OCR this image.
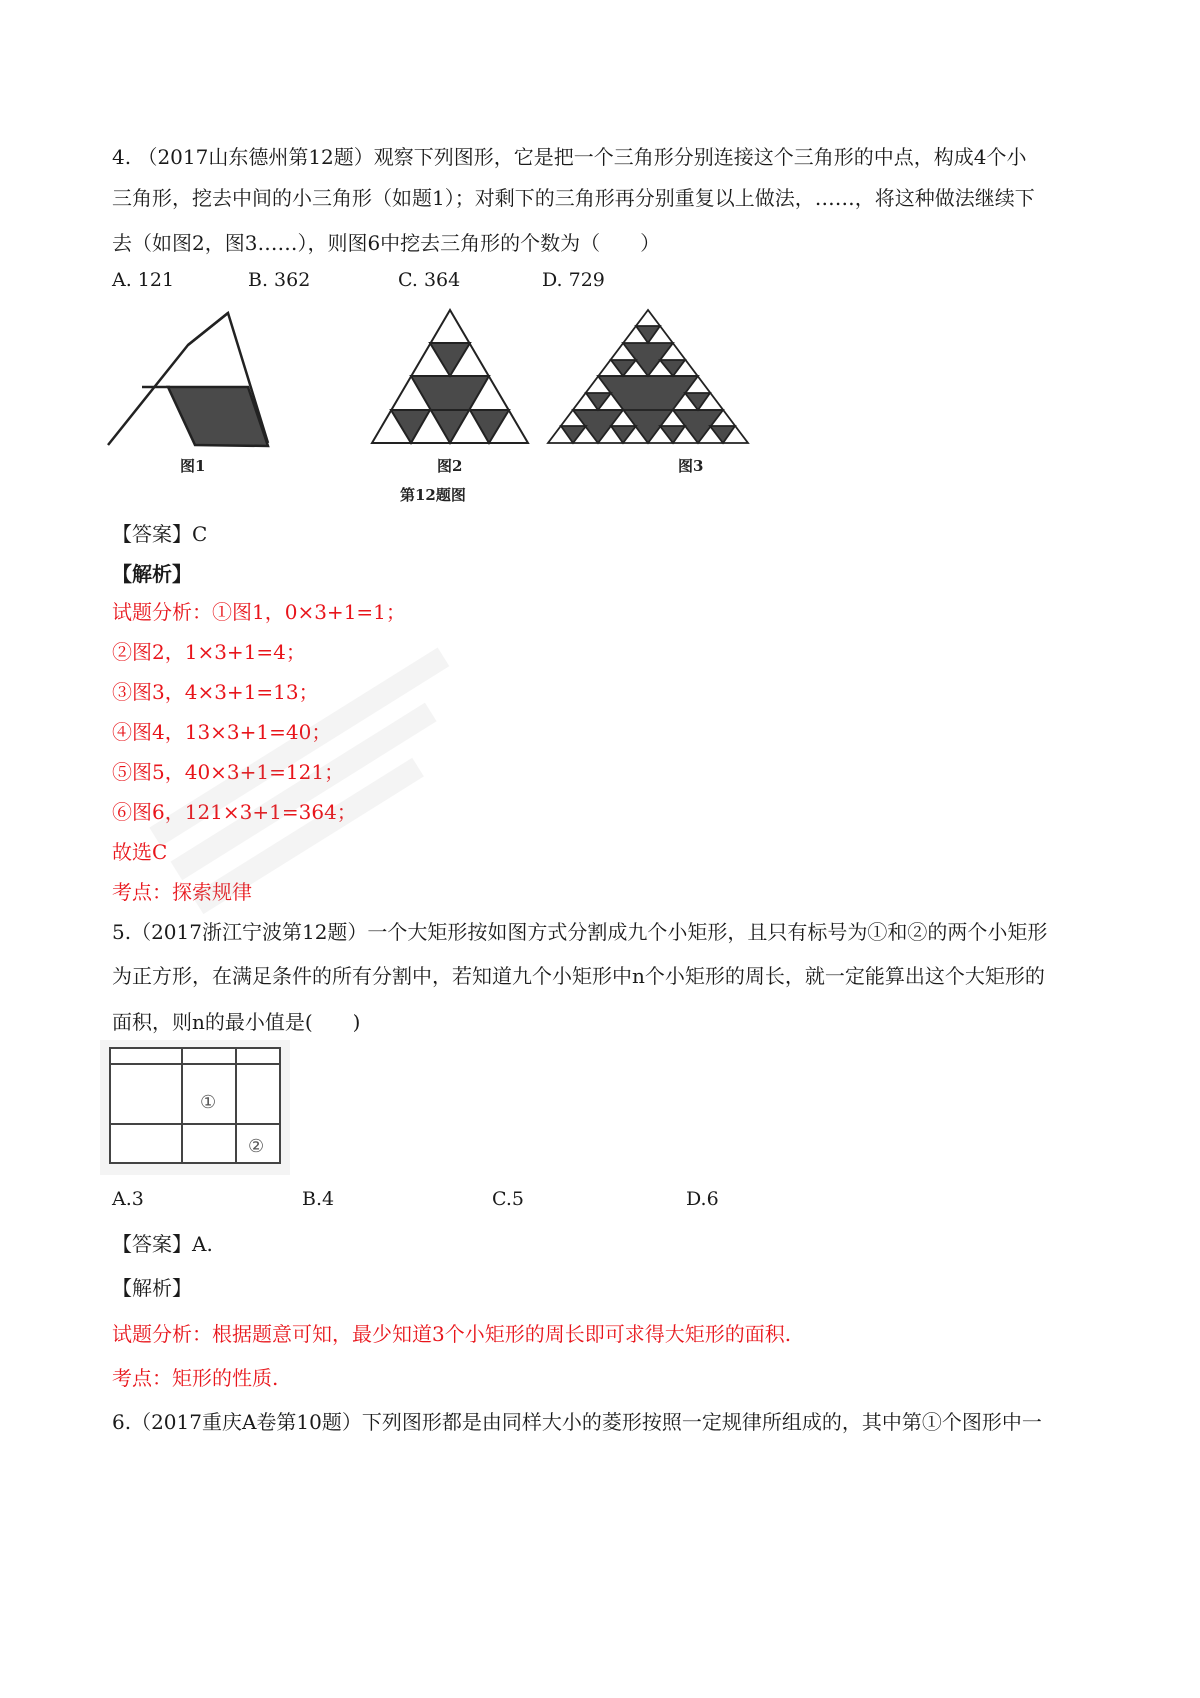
4. （2017山东德州第12题）观察下列图形，它是把一个三角形分别连接这个三角形的中点，构成4个小
三角形，挖去中间的小三角形（如题1）；对剩下的三角形再分别重复以上做法，……，将这种做法继续下
去（如图2，图3……），则图6中挖去三角形的个数为（　　）
A. 121	B. 362	C. 364	D. 729
图1	图2	图3
第12题图
【答案】C
【解析】
试题分析：①图1，0×3+1=1；
②图2，1×3+1=4；
③图3，4×3+1=13；
④图4，13×3+1=40；
⑤图5，40×3+1=121；
⑥图6，121×3+1=364；
故选C
考点：探索规律
5.（2017浙江宁波第12题）一个大矩形按如图方式分割成九个小矩形，且只有标号为①和②的两个小矩形
为正方形，在满足条件的所有分割中，若知道九个小矩形中n个小矩形的周长，就一定能算出这个大矩形的
面积，则n的最小值是(　　)
①
②
A.3	B.4	C.5	D.6
【答案】A.
【解析】
试题分析：根据题意可知，最少知道3个小矩形的周长即可求得大矩形的面积.
考点：矩形的性质.
6.（2017重庆A卷第10题）下列图形都是由同样大小的菱形按照一定规律所组成的，其中第①个图形中一
